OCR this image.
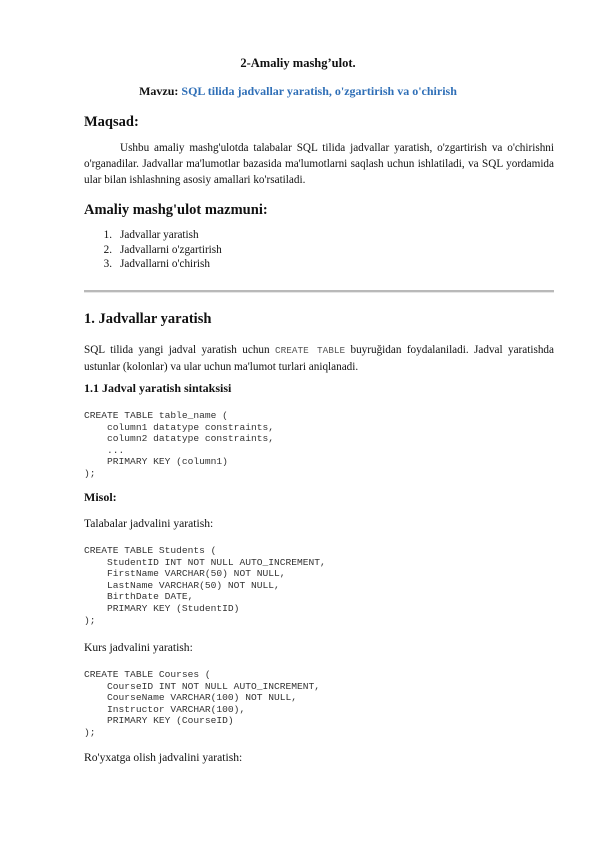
2-Amaliy mashg’ulot.
Mavzu: SQL tilida jadvallar yaratish, o'zgartirish va o'chirish
Maqsad:
Ushbu amaliy mashg'ulotda talabalar SQL tilida jadvallar yaratish, o'zgartirish va o'chirishni o'rganadilar. Jadvallar ma'lumotlar bazasida ma'lumotlarni saqlash uchun ishlatiladi, va SQL yordamida ular bilan ishlashning asosiy amallari ko'rsatiladi.
Amaliy mashg'ulot mazmuni:
1. Jadvallar yaratish
2. Jadvallarni o'zgartirish
3. Jadvallarni o'chirish
1. Jadvallar yaratish
SQL tilida yangi jadval yaratish uchun CREATE TABLE buyruğidan foydalaniladi. Jadval yaratishda ustunlar (kolonlar) va ular uchun ma'lumot turlari aniqlanadi.
1.1 Jadval yaratish sintaksisi
CREATE TABLE table_name (
column1 datatype constraints,
column2 datatype constraints,
...
PRIMARY KEY (column1)
);
Misol:
Talabalar jadvalini yaratish:
CREATE TABLE Students (
StudentID INT NOT NULL AUTO_INCREMENT,
FirstName VARCHAR(50) NOT NULL,
LastName VARCHAR(50) NOT NULL,
BirthDate DATE,
PRIMARY KEY (StudentID)
);
Kurs jadvalini yaratish:
CREATE TABLE Courses (
CourseID INT NOT NULL AUTO_INCREMENT,
CourseName VARCHAR(100) NOT NULL,
Instructor VARCHAR(100),
PRIMARY KEY (CourseID)
);
Ro'yxatga olish jadvalini yaratish:
